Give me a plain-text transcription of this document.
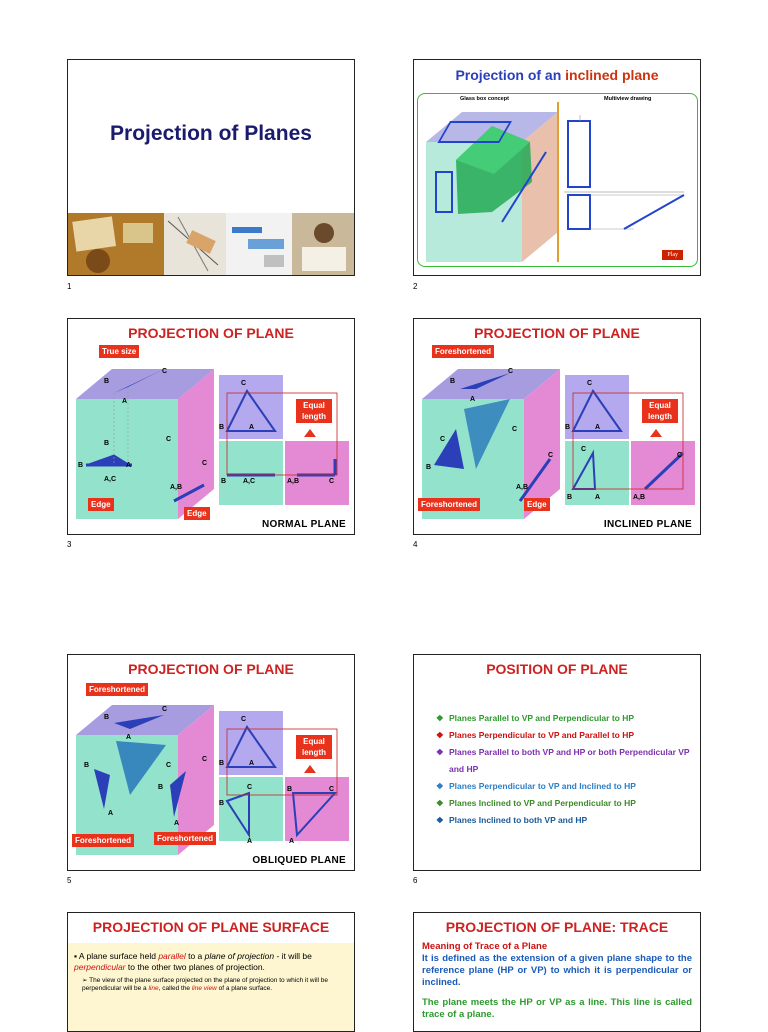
Projection of Planes
1
Projection of an inclined plane
Glass box concept	Multiview drawing
Play
2
PROJECTION OF PLANE
B
C
A
B
C
A
B
A,C
A,B
C
True size
Edge
Edge
C
B	A
B A,C	A,B	C
Equal length
NORMAL PLANE
3
PROJECTION OF PLANE
B
C
A
C
C
B
A,B
C
Foreshortened
Foreshortened	Edge
C
B	A
C
B	A	A,B
C
Equal length
INCLINED PLANE
4
PROJECTION OF PLANE
B
C
A
B	C
A
B
A
C
Foreshortened
Foreshortened	Foreshortened
C
B	A
C
B
A
B	C
A
Equal length
OBLIQUED PLANE
5
POSITION OF PLANE
❖ Planes Parallel to VP and Perpendicular to HP
❖ Planes Perpendicular to VP and Parallel to HP
❖ Planes Parallel to both VP and HP or both Perpendicular VP and HP
❖ Planes Perpendicular to VP and Inclined to HP
❖ Planes Inclined to VP and Perpendicular to HP
❖ Planes Inclined to both VP and HP
6
PROJECTION OF PLANE SURFACE
▪ A plane surface held parallel to a plane of projection - it will be perpendicular to the other two planes of projection.
➢ The view of the plane surface projected on the plane of projection to which it will be perpendicular will be a line, called the line view of a plane surface.
PROJECTION OF PLANE: TRACE
Meaning of Trace of a Plane
It is defined as the extension of a given plane shape to the reference plane (HP or VP) to which it is perpendicular or inclined.
The plane meets the HP or VP as a line. This line is called trace of a plane.
